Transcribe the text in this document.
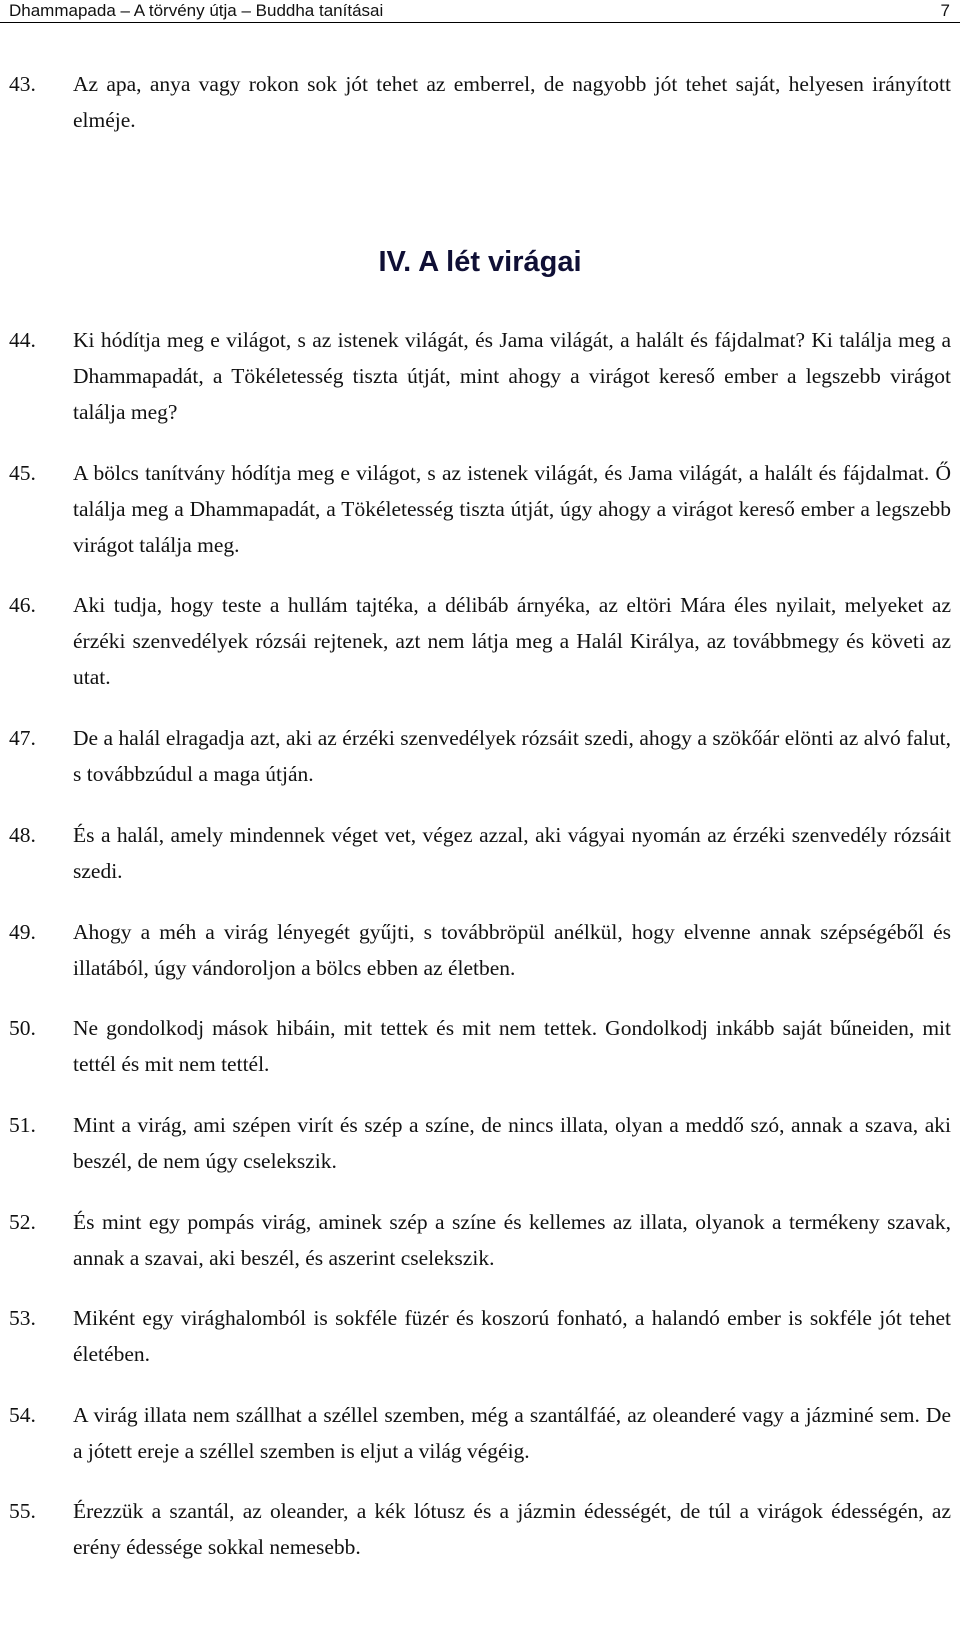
Dhammapada – A törvény útja – Buddha tanításai	7
43. Az apa, anya vagy rokon sok jót tehet az emberrel, de nagyobb jót tehet saját, helyesen irányított elméje.
IV. A lét virágai
44. Ki hódítja meg e világot, s az istenek világát, és Jama világát, a halált és fájdalmat? Ki találja meg a Dhammapadát, a Tökéletesség tiszta útját, mint ahogy a virágot kereső ember a legszebb virágot találja meg?
45. A bölcs tanítvány hódítja meg e világot, s az istenek világát, és Jama világát, a halált és fájdalmat. Ő találja meg a Dhammapadát, a Tökéletesség tiszta útját, úgy ahogy a virágot kereső ember a legszebb virágot találja meg.
46. Aki tudja, hogy teste a hullám tajtéka, a délibáb árnyéka, az eltöri Mára éles nyilait, melyeket az érzéki szenvedélyek rózsái rejtenek, azt nem látja meg a Halál Királya, az továbbmegy és követi az utat.
47. De a halál elragadja azt, aki az érzéki szenvedélyek rózsáit szedi, ahogy a szökőár elönti az alvó falut, s továbbzúdul a maga útján.
48. És a halál, amely mindennek véget vet, végez azzal, aki vágyai nyomán az érzéki szenvedély rózsáit szedi.
49. Ahogy a méh a virág lényegét gyűjti, s továbbröpül anélkül, hogy elvenne annak szépségéből és illatából, úgy vándoroljon a bölcs ebben az életben.
50. Ne gondolkodj mások hibáin, mit tettek és mit nem tettek. Gondolkodj inkább saját bűneiden, mit tettél és mit nem tettél.
51. Mint a virág, ami szépen virít és szép a színe, de nincs illata, olyan a meddő szó, annak a szava, aki beszél, de nem úgy cselekszik.
52. És mint egy pompás virág, aminek szép a színe és kellemes az illata, olyanok a termékeny szavak, annak a szavai, aki beszél, és aszerint cselekszik.
53. Miként egy virághalomból is sokféle füzér és koszorú fonható, a halandó ember is sokféle jót tehet életében.
54. A virág illata nem szállhat a széllel szemben, még a szantálfáé, az oleanderé vagy a jázminé sem. De a jótett ereje a széllel szemben is eljut a világ végéig.
55. Érezzük a szantál, az oleander, a kék lótusz és a jázmin édességét, de túl a virágok édességén, az erény édessége sokkal nemesebb.
